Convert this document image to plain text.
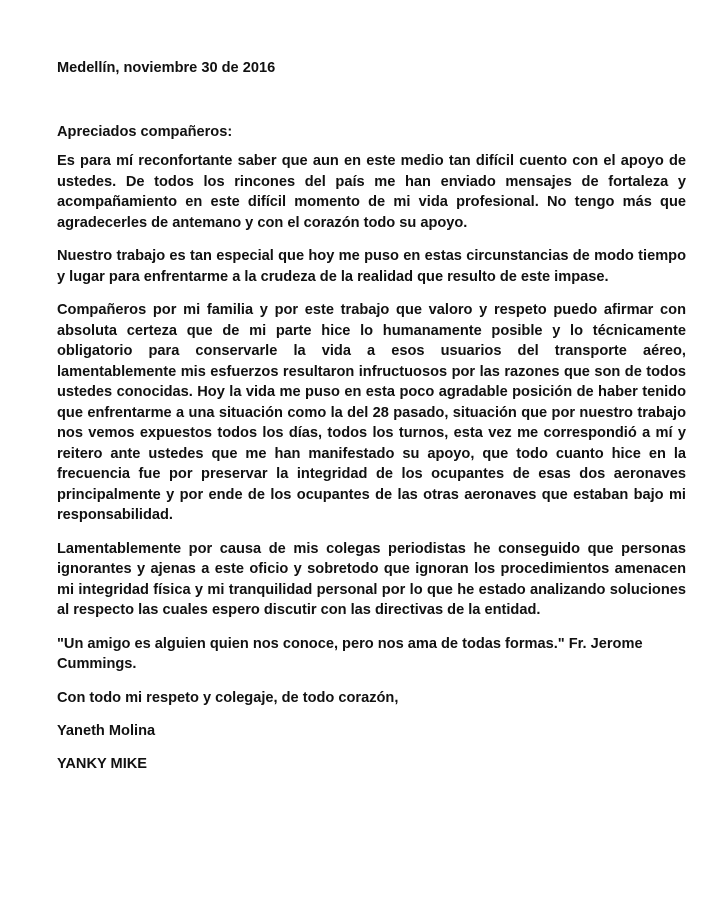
Medellín, noviembre 30 de 2016
Apreciados compañeros:
Es para mí reconfortante saber que aun en este medio tan difícil cuento con el apoyo de ustedes. De todos los rincones del país me han enviado mensajes de fortaleza y acompañamiento en este difícil momento de mi vida profesional. No tengo más que agradecerles de antemano y con el corazón todo su apoyo.
Nuestro trabajo es tan especial que hoy me puso en estas circunstancias de modo tiempo y lugar para enfrentarme a la crudeza de la realidad que resulto de este impase.
Compañeros por mi familia y por este trabajo que valoro y respeto puedo afirmar con absoluta certeza que de mi parte hice lo humanamente posible y lo técnicamente obligatorio para conservarle la vida a esos usuarios del transporte aéreo, lamentablemente mis esfuerzos resultaron infructuosos por las razones que son de todos ustedes conocidas. Hoy la vida me puso en esta poco agradable posición de haber tenido que enfrentarme a una situación como la del 28 pasado, situación que por nuestro trabajo nos vemos expuestos todos los días, todos los turnos, esta vez me correspondió a mí y reitero ante ustedes que me han manifestado su apoyo, que todo cuanto hice en la frecuencia fue por preservar la integridad de los ocupantes de esas dos aeronaves principalmente y por ende de los ocupantes de las otras aeronaves que estaban bajo mi responsabilidad.
Lamentablemente por causa de mis colegas periodistas he conseguido que personas ignorantes y ajenas a este oficio y sobretodo que ignoran los procedimientos amenacen mi integridad física y mi tranquilidad personal por lo que he estado analizando soluciones al respecto las cuales espero discutir con las directivas de la entidad.
"Un amigo es alguien quien nos conoce, pero nos ama de todas formas." Fr. Jerome Cummings.
Con todo mi respeto y colegaje, de todo corazón,
Yaneth Molina
YANKY MIKE
